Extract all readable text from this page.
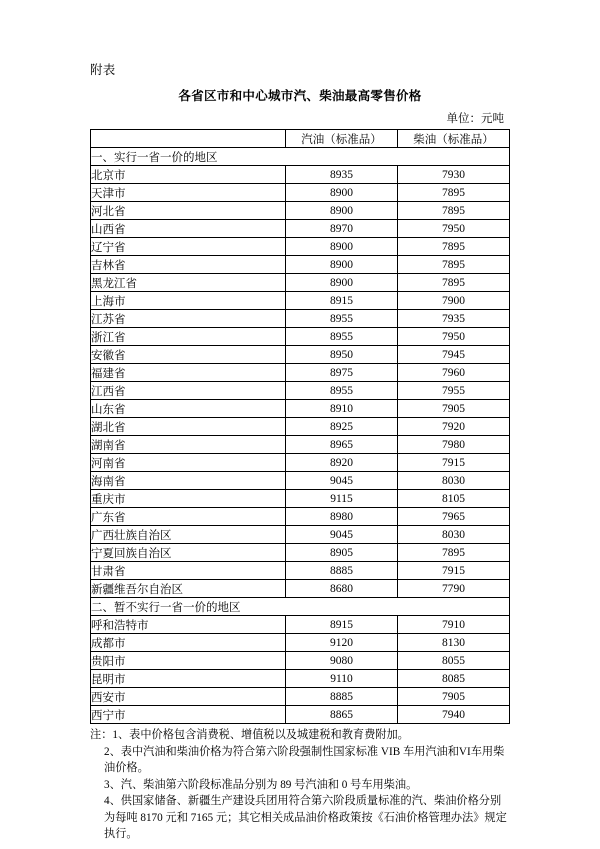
附表

各省区市和中心城市汽、柴油最高零售价格
单位：元吨
	汽油（标准品）	柴油（标准品）
一、实行一省一价的地区		
北京市	8935	7930
天津市	8900	7895
河北省	8900	7895
山西省	8970	7950
辽宁省	8900	7895
吉林省	8900	7895
黑龙江省	8900	7895
上海市	8915	7900
江苏省	8955	7935
浙江省	8955	7950
安徽省	8950	7945
福建省	8975	7960
江西省	8955	7955
山东省	8910	7905
湖北省	8925	7920
湖南省	8965	7980
河南省	8920	7915
海南省	9045	8030
重庆市	9115	8105
广东省	8980	7965
广西壮族自治区	9045	8030
宁夏回族自治区	8905	7895
甘肃省	8885	7915
新疆维吾尔自治区	8680	7790
二、暂不实行一省一价的地区		
呼和浩特市	8915	7910
成都市	9120	8130
贵阳市	9080	8055
昆明市	9110	8085
西安市	8885	7905
西宁市	8865	7940

注：1、表中价格包含消费税、增值税以及城建税和教育费附加。

2、表中汽油和柴油价格为符合第六阶段强制性国家标准 VIB 车用汽油和VI车用柴油价格。

3、汽、柴油第六阶段标准品分别为 89 号汽油和 0 号车用柴油。

4、供国家储备、新疆生产建设兵团用符合第六阶段质量标准的汽、柴油价格分别为每吨 8170 元和 7165 元；其它相关成品油价格政策按《石油价格管理办法》规定执行。
